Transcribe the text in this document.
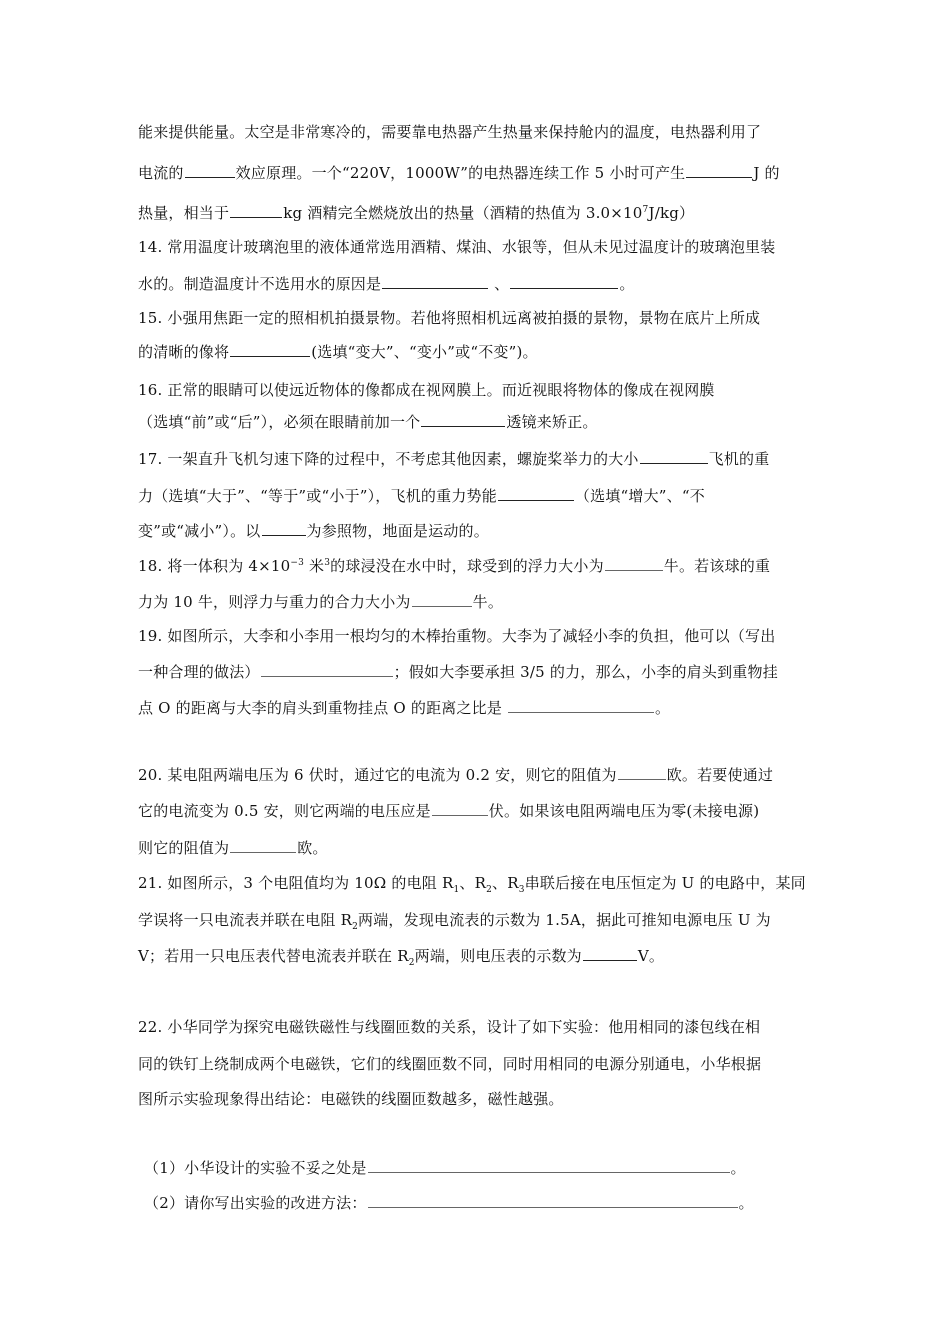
能来提供能量。太空是非常寒冷的，需要靠电热器产生热量来保持舱内的温度，电热器利用了
电流的	效应原理。一个“220V，1000W”的电热器连续工作 5 小时可产生	J 的
热量，相当于	kg 酒精完全燃烧放出的热量（酒精的热值为 $3.0\times 10^7J/kg$）
14. 常用温度计玻璃泡里的液体通常选用酒精、煤油、水银等，但从未见过温度计的玻璃泡里装
水的。制造温度计不选用水的原因是	、	。
15. 小强用焦距一定的照相机拍摄景物。若他将照相机远离被拍摄的景物，景物在底片上所成
的清晰的像将	(选填“变大”、“变小”或“不变”)。
16. 正常的眼睛可以使远近物体的像都成在视网膜上。而近视眼将物体的像成在视网膜
（选填“前”或“后”），必须在眼睛前加一个	透镜来矫正。
17. 一架直升飞机匀速下降的过程中，不考虑其他因素，螺旋桨举力的大小	飞机的重
力（选填“大于”、“等于”或“小于”），飞机的重力势能	（选填“增大”、“不
变”或“减小”）。以	为参照物，地面是运动的。
18. 将一体积为 $4\times 10^{-3}$ 米$^3$的球浸没在水中时，球受到的浮力大小为	牛。若该球的重
力为 10 牛，则浮力与重力的合力大小为	牛。
19. 如图所示，大李和小李用一根均匀的木棒抬重物。大李为了减轻小李的负担，他可以（写出
一种合理的做法）	；假如大李要承担 3/5 的力，那么，小李的肩头到重物挂
点 O 的距离与大李的肩头到重物挂点 O 的距离之比是	。
20. 某电阻两端电压为 6 伏时，通过它的电流为 0.2 安，则它的阻值为	欧。若要使通过
它的电流变为 0.5 安，则它两端的电压应是	伏。如果该电阻两端电压为零(未接电源)
则它的阻值为	欧。
21. 如图所示，3 个电阻值均为 10Ω 的电阻 $R_1$、$R_2$、$R_3$串联后接在电压恒定为 U 的电路中，某同
学误将一只电流表并联在电阻 $R_2$两端，发现电流表的示数为 1.5A，据此可推知电源电压 U 为
V；若用一只电压表代替电流表并联在 $R_2$两端，则电压表的示数为	V。
22. 小华同学为探究电磁铁磁性与线圈匝数的关系，设计了如下实验：他用相同的漆包线在相
同的铁钉上绕制成两个电磁铁，它们的线圈匝数不同，同时用相同的电源分别通电，小华根据
图所示实验现象得出结论：电磁铁的线圈匝数越多，磁性越强。
（1）小华设计的实验不妥之处是	。
（2）请你写出实验的改进方法：	。
